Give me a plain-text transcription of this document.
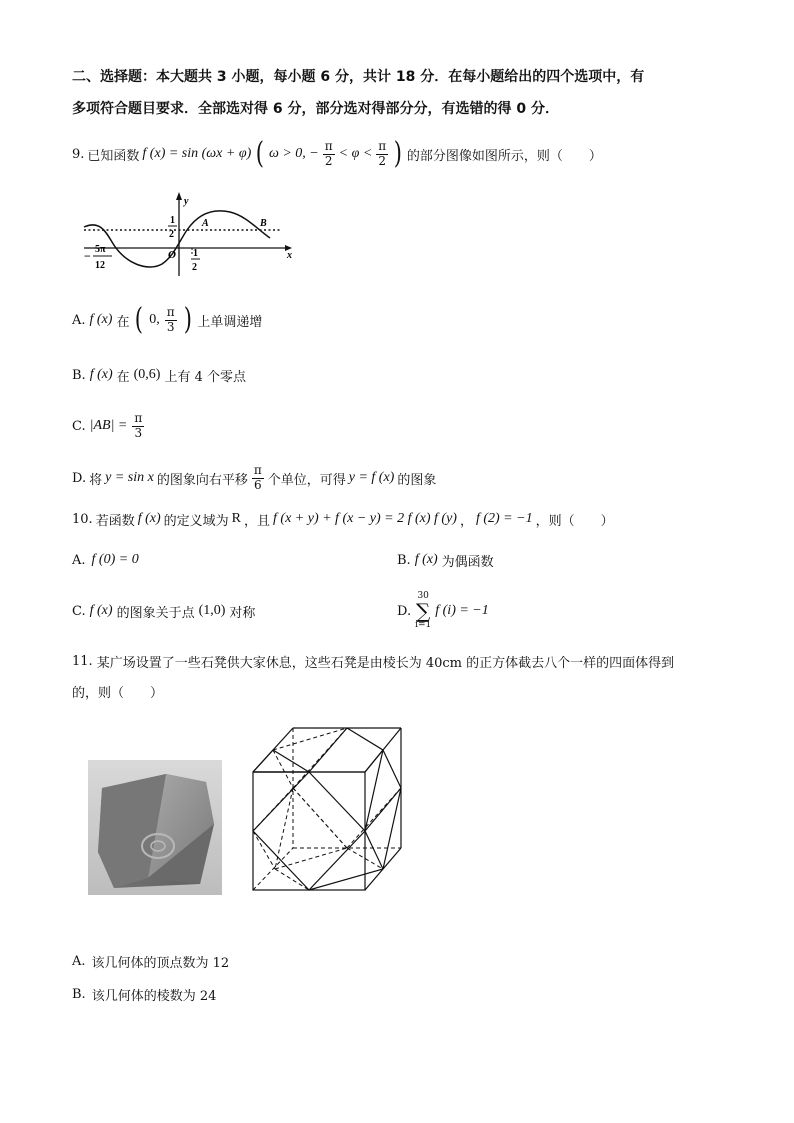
二、选择题：本大题共 3 小题，每小题 6 分，共计 18 分．在每小题给出的四个选项中，有
多项符合题目要求．全部选对得 6 分，部分选对得部分分，有选错的得 0 分．
9. 已知函数 f (x) = sin (ωx + φ) ( ω > 0, − $\frac{\pi}{2} < \varphi < \frac{\pi}{2}$ ) 的部分图像如图所示，则（　　）
y
x
O
1
2
1
2
5π
−
12
A	B
A. f (x) 在 ( 0, $\frac{\pi}{3}$ ) 上单调递增
B. f (x) 在 (0,6) 上有 4 个零点
C. $|AB| = \frac{\pi}{3}$
D. 将 y = sin x 的图象向右平移 $\frac{\pi}{6}$ 个单位，可得 y = f (x) 的图象
10. 若函数 f (x) 的定义域为 R ，且 f (x + y) + f (x − y) = 2 f (x) f (y) ， f (2) = −1 ，则（　　）
A. f (0) = 0	B. f (x) 为偶函数
C. f (x) 的图象关于点 (1,0) 对称	D.
30
∑
i=1
f (i) = −1
11. 某广场设置了一些石凳供大家休息，这些石凳是由棱长为 40cm 的正方体截去八个一样的四面体得到
的，则（　　）
A. 该几何体的顶点数为 12
B. 该几何体的棱数为 24
